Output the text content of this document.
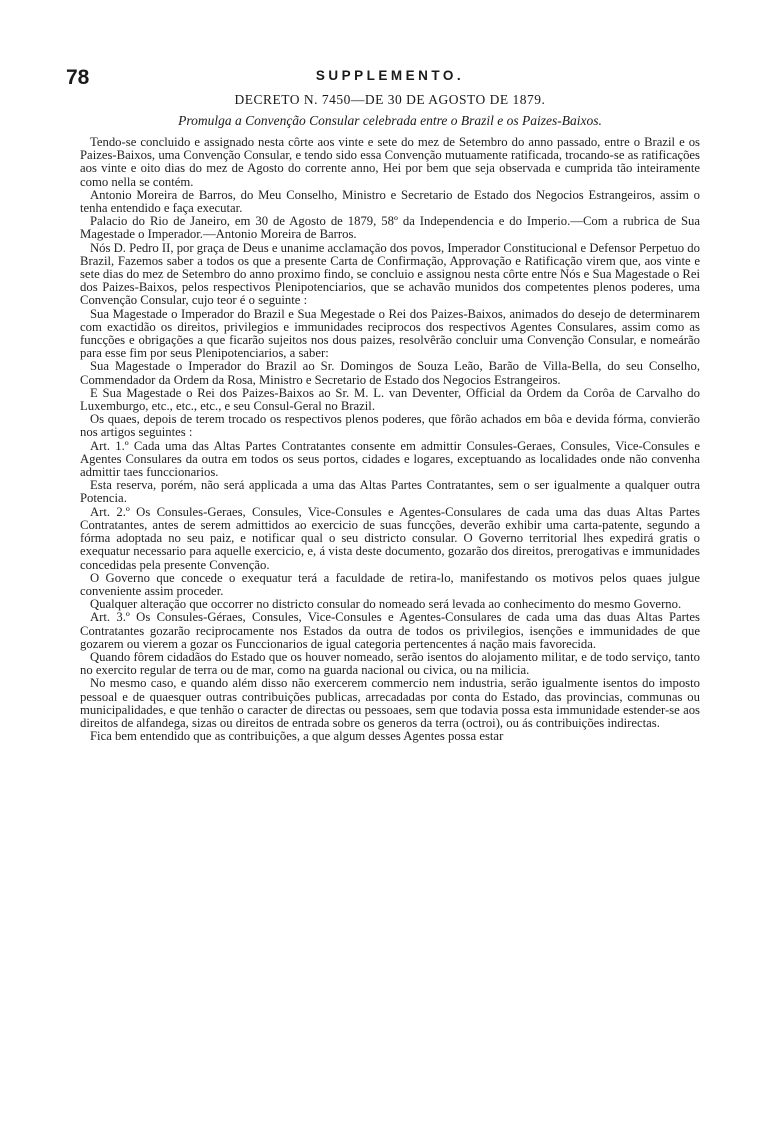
78	SUPPLEMENTO.
DECRETO N. 7450—DE 30 DE AGOSTO DE 1879.
Promulga a Convenção Consular celebrada entre o Brazil e os Paizes-Baixos.

Tendo-se concluido e assignado nesta côrte aos vinte e sete do mez de Setembro do anno passado, entre o Brazil e os Paizes-Baixos, uma Convenção Consular, e tendo sido essa Convenção mutuamente ratificada, trocando-se as ratificações aos vinte e oito dias do mez de Agosto do corrente anno, Hei por bem que seja observada e cumprida tão inteiramente como nella se contém.

Antonio Moreira de Barros, do Meu Conselho, Ministro e Secretario de Estado dos Negocios Estrangeiros, assim o tenha entendido e faça executar.

Palacio do Rio de Janeiro, em 30 de Agosto de 1879, 58º da Independencia e do Imperio.—Com a rubrica de Sua Magestade o Imperador.—Antonio Moreira de Barros.

Nós D. Pedro II, por graça de Deus e unanime acclamação dos povos, Imperador Constitucional e Defensor Perpetuo do Brazil, Fazemos saber a todos os que a presente Carta de Confirmação, Approvação e Ratificação virem que, aos vinte e sete dias do mez de Setembro do anno proximo findo, se concluio e assignou nesta côrte entre Nós e Sua Magestade o Rei dos Paizes-Baixos, pelos respectivos Plenipotenciarios, que se achavão munidos dos competentes plenos poderes, uma Convenção Consular, cujo teor é o seguinte :

Sua Magestade o Imperador do Brazil e Sua Megestade o Rei dos Paizes-Baixos, animados do desejo de determinarem com exactidão os direitos, privilegios e immunidades reciprocos dos respectivos Agentes Consulares, assim como as funcções e obrigações a que ficarão sujeitos nos dous paizes, resolvêrão concluir uma Convenção Consular, e nomeárão para esse fim por seus Plenipotenciarios, a saber:

Sua Magestade o Imperador do Brazil ao Sr. Domingos de Souza Leão, Barão de Villa-Bella, do seu Conselho, Commendador da Ordem da Rosa, Ministro e Secretario de Estado dos Negocios Estrangeiros.

E Sua Magestade o Rei dos Paizes-Baixos ao Sr. M. L. van Deventer, Official da Ordem da Corôa de Carvalho do Luxemburgo, etc., etc., etc., e seu Consul-Geral no Brazil.

Os quaes, depois de terem trocado os respectivos plenos poderes, que fôrão achados em bôa e devida fórma, convierão nos artigos seguintes :

Art. 1.º Cada uma das Altas Partes Contratantes consente em admittir Consules-Geraes, Consules, Vice-Consules e Agentes Consulares da outra em todos os seus portos, cidades e logares, exceptuando as localidades onde não convenha admittir taes funccionarios.

Esta reserva, porém, não será applicada a uma das Altas Partes Contratantes, sem o ser igualmente a qualquer outra Potencia.

Art. 2.º Os Consules-Geraes, Consules, Vice-Consules e Agentes-Consulares de cada uma das duas Altas Partes Contratantes, antes de serem admittidos ao exercicio de suas funcções, deverão exhibir uma carta-patente, segundo a fórma adoptada no seu paiz, e notificar qual o seu districto consular. O Governo territorial lhes expedirá gratis o exequatur necessario para aquelle exercicio, e, á vista deste documento, gozarão dos direitos, prerogativas e immunidades concedidas pela presente Convenção.

O Governo que concede o exequatur terá a faculdade de retira-lo, manifestando os motivos pelos quaes julgue conveniente assim proceder.

Qualquer alteração que occorrer no districto consular do nomeado será levada ao conhecimento do mesmo Governo.

Art. 3.º Os Consules-Géraes, Consules, Vice-Consules e Agentes-Consulares de cada uma das duas Altas Partes Contratantes gozarão reciprocamente nos Estados da outra de todos os privilegios, isenções e immunidades de que gozarem ou vierem a gozar os Funccionarios de igual categoria pertencentes á nação mais favorecida.

Quando fôrem cidadãos do Estado que os houver nomeado, serão isentos do alojamento militar, e de todo serviço, tanto no exercito regular de terra ou de mar, como na guarda nacional ou civica, ou na milicia.

No mesmo caso, e quando além disso não exercerem commercio nem industria, serão igualmente isentos do imposto pessoal e de quaesquer outras contribuições publicas, arrecadadas por conta do Estado, das provincias, communas ou municipalidades, e que tenhão o caracter de directas ou pessoaes, sem que todavia possa esta immunidade estender-se aos direitos de alfandega, sizas ou direitos de entrada sobre os generos da terra (octroi), ou ás contribuições indirectas.

Fica bem entendido que as contribuições, a que algum desses Agentes possa estar
